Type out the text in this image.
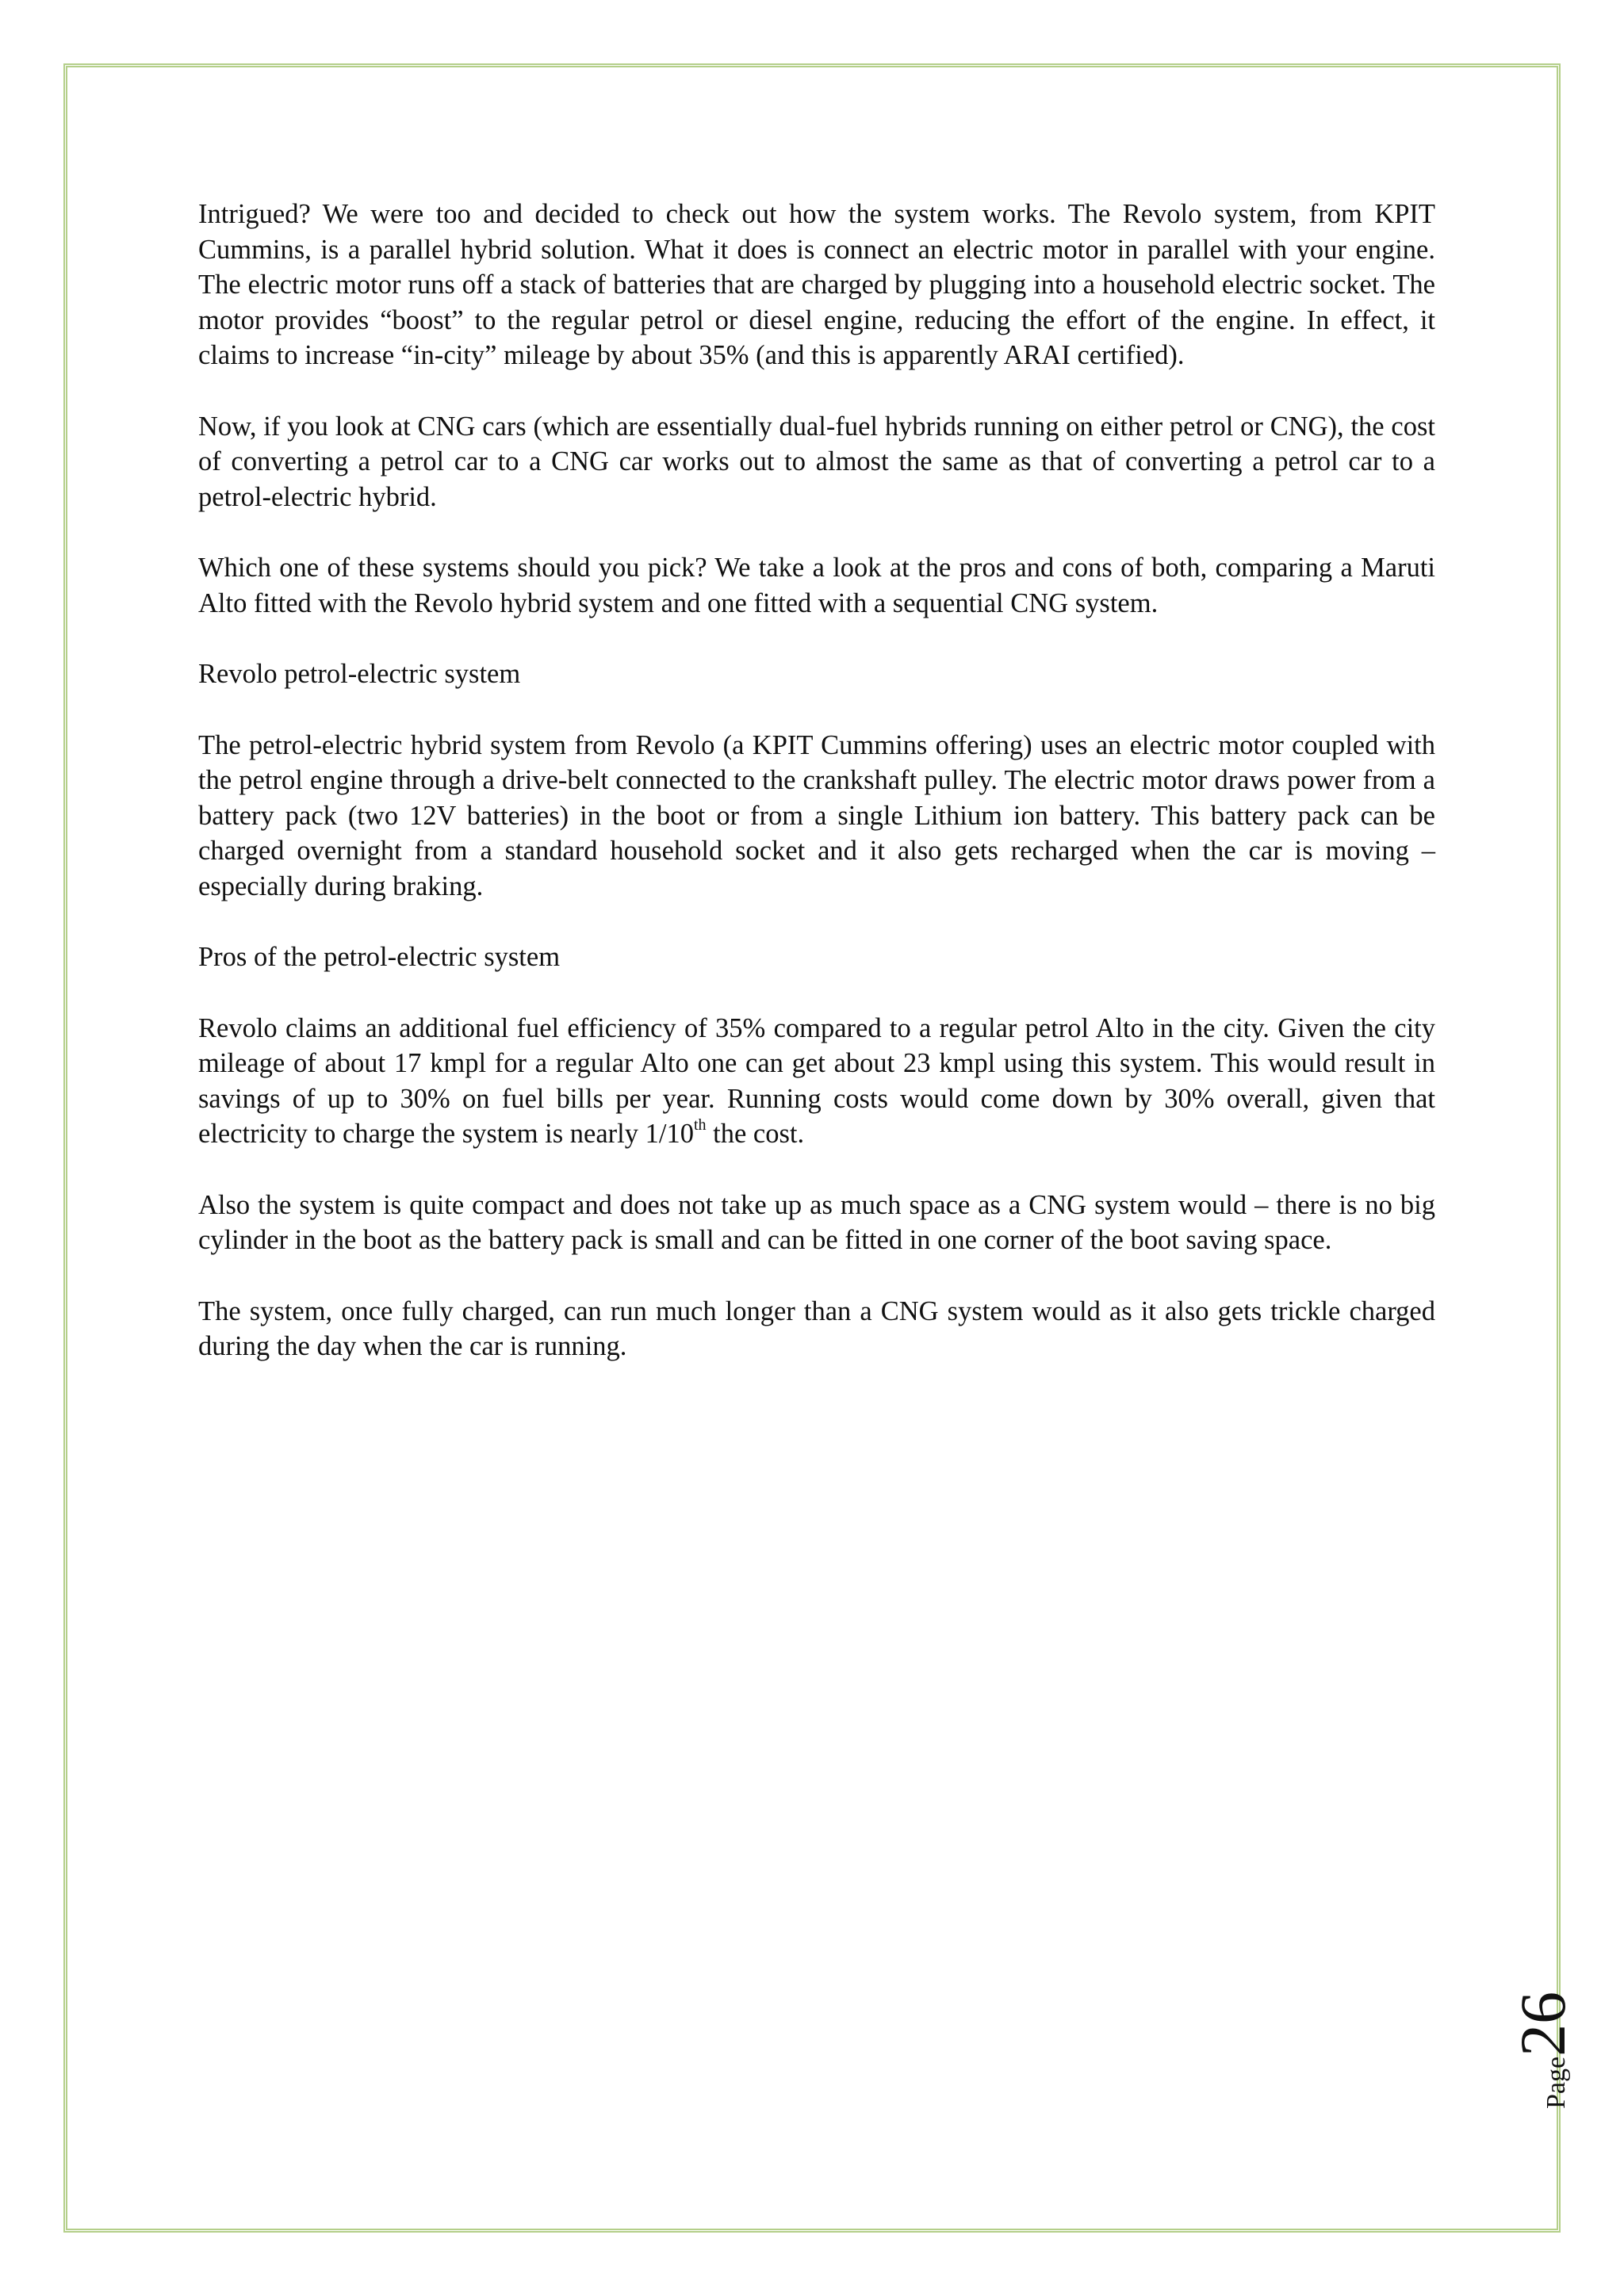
Intrigued? We were too and decided to check out how the system works. The Revolo system, from KPIT Cummins, is a parallel hybrid solution. What it does is connect an electric motor in parallel with your engine. The electric motor runs off a stack of batteries that are charged by plugging into a household electric socket. The motor provides “boost” to the regular petrol or diesel engine, reducing the effort of the engine. In effect, it claims to increase “in-city” mileage by about 35% (and this is apparently ARAI certified).

Now, if you look at CNG cars (which are essentially dual-fuel hybrids running on either petrol or CNG), the cost of converting a petrol car to a CNG car works out to almost the same as that of converting a petrol car to a petrol-electric hybrid.

Which one of these systems should you pick? We take a look at the pros and cons of both, comparing a Maruti Alto fitted with the Revolo hybrid system and one fitted with a sequential CNG system.

Revolo petrol-electric system

The petrol-electric hybrid system from Revolo (a KPIT Cummins offering) uses an electric motor coupled with the petrol engine through a drive-belt connected to the crankshaft pulley. The electric motor draws power from a battery pack (two 12V batteries) in the boot or from a single Lithium ion battery. This battery pack can be charged overnight from a standard household socket and it also gets recharged when the car is moving – especially during braking.

Pros of the petrol-electric system

Revolo claims an additional fuel efficiency of 35% compared to a regular petrol Alto in the city. Given the city mileage of about 17 kmpl for a regular Alto one can get about 23 kmpl using this system. This would result in savings of up to 30% on fuel bills per year. Running costs would come down by 30% overall, given that electricity to charge the system is nearly 1/10th the cost.

Also the system is quite compact and does not take up as much space as a CNG system would – there is no big cylinder in the boot as the battery pack is small and can be fitted in one corner of the boot saving space.

The system, once fully charged, can run much longer than a CNG system would as it also gets trickle charged during the day when the car is running.

Page26
